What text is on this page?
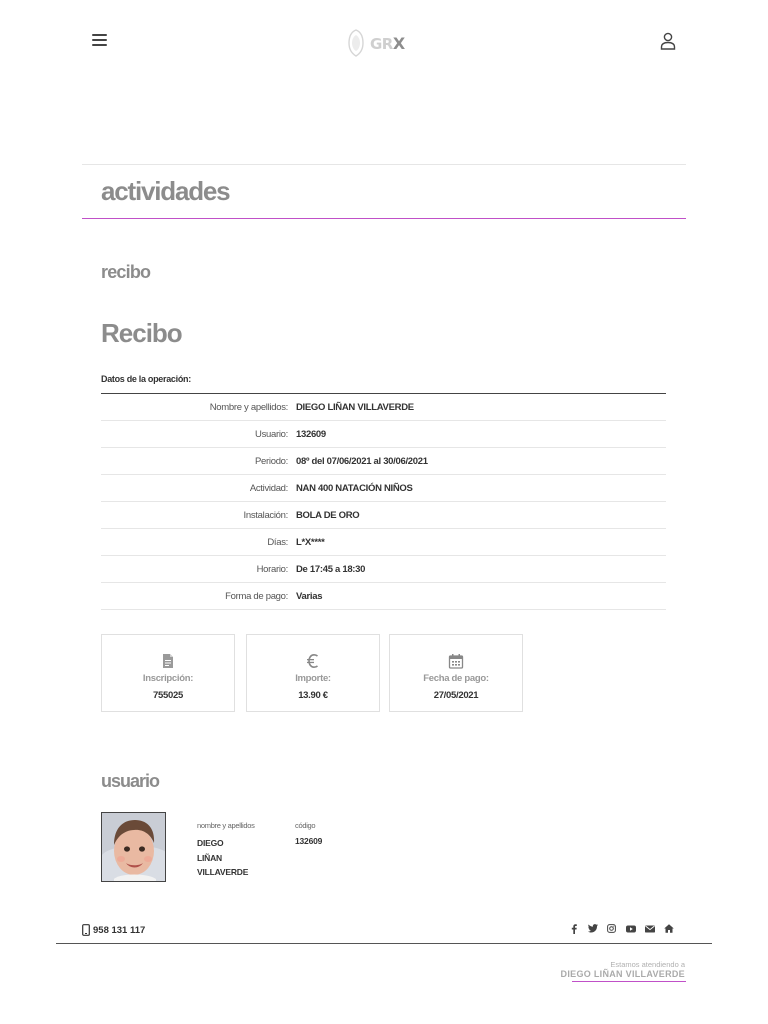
GRX
actividades
recibo
Recibo
Datos de la operación:
Nombre y apellidos: DIEGO LIÑAN VILLAVERDE
Usuario: 132609
Periodo: 08º del 07/06/2021 al 30/06/2021
Actividad: NAN 400 NATACIÓN NIÑOS
Instalación: BOLA DE ORO
Días: L*X****
Horario: De 17:45 a 18:30
Forma de pago: Varias
Inscripción:
755025
Importe:
13.90 €
Fecha de pago:
27/05/2021
usuario
nombre y apellidos	código
DIEGO
LIÑAN
VILLAVERDE
132609
958 131 117
Estamos atendiendo a
DIEGO LIÑAN VILLAVERDE
